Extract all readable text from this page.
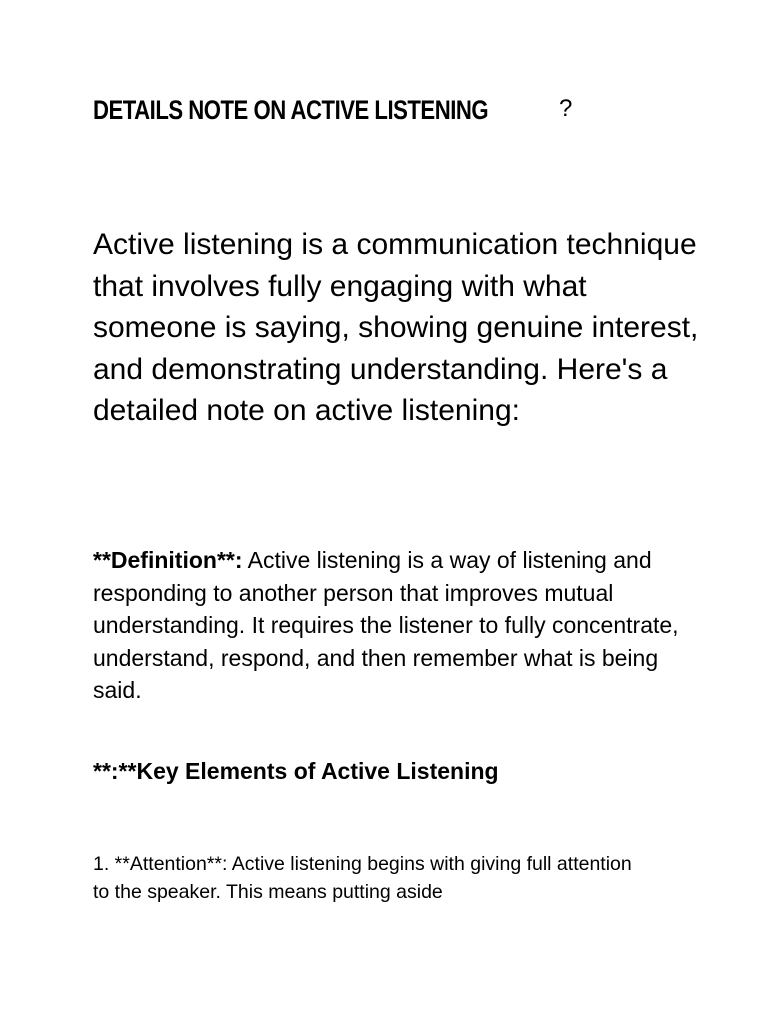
DETAILS NOTE ON ACTIVE LISTENING	?

Active listening is a communication technique that involves fully engaging with what someone is saying, showing genuine interest, and demonstrating understanding. Here's a detailed note on active listening:

**Definition**: Active listening is a way of listening and responding to another person that improves mutual understanding. It requires the listener to fully concentrate, understand, respond, and then remember what is being said.

**:**Key Elements of Active Listening

1. **Attention**: Active listening begins with giving full attention to the speaker. This means putting aside
